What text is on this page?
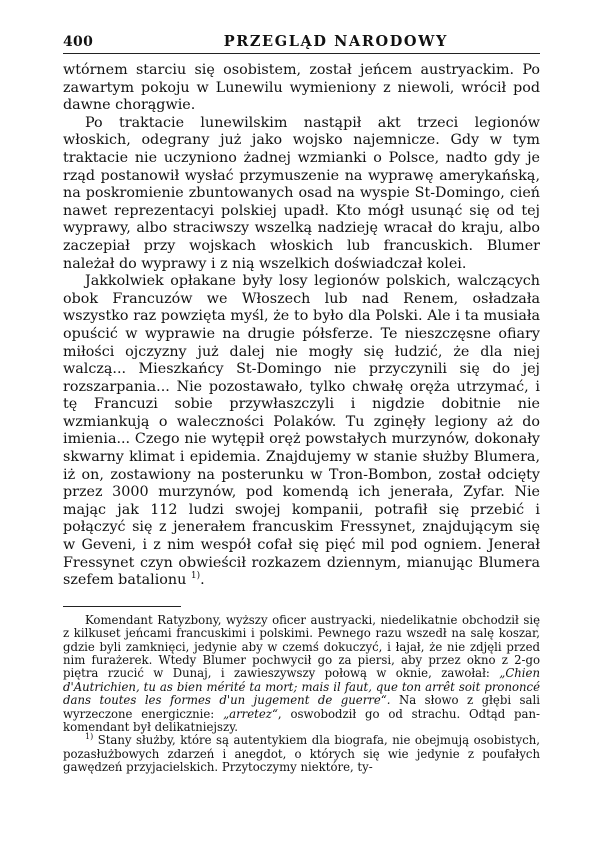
400	PRZEGLĄD NARODOWY

wtórnem starciu się osobistem, został jeńcem austryackim. Po zawartym pokoju w Lunewilu wymieniony z niewoli, wrócił pod dawne chorągwie.

Po traktacie lunewilskim nastąpił akt trzeci legionów włoskich, odegrany już jako wojsko najemnicze. Gdy w tym traktacie nie uczyniono żadnej wzmianki o Polsce, nadto gdy je rząd postanowił wysłać przymuszenie na wyprawę amerykańską, na poskromienie zbuntowanych osad na wyspie St-Domingo, cień nawet reprezentacyi polskiej upadł. Kto mógł usunąć się od tej wyprawy, albo straciwszy wszelką nadzieję wracał do kraju, albo zaczepiał przy wojskach włoskich lub francuskich. Blumer należał do wyprawy i z nią wszelkich doświadczał kolei.

Jakkolwiek opłakane były losy legionów polskich, walczących obok Francuzów we Włoszech lub nad Renem, osładzała wszystko raz powzięta myśl, że to było dla Polski. Ale i ta musiała opuścić w wyprawie na drugie półsferze. Te nieszczęsne ofiary miłości ojczyzny już dalej nie mogły się łudzić, że dla niej walczą... Mieszkańcy St-Domingo nie przyczynili się do jej rozszarpania... Nie pozostawało, tylko chwałę oręża utrzymać, i tę Francuzi sobie przywłaszczyli i nigdzie dobitnie nie wzmiankują o waleczności Polaków. Tu zginęły legiony aż do imienia... Czego nie wytępił oręż powstałych murzynów, dokonały skwarny klimat i epidemia. Znajdujemy w stanie służby Blumera, iż on, zostawiony na posterunku w Tron-Bombon, został odcięty przez 3000 murzynów, pod komendą ich jenerała, Zyfar. Nie mając jak 112 ludzi swojej kompanii, potrafił się przebić i połączyć się z jenerałem francuskim Fressynet, znajdującym się w Geveni, i z nim wespół cofał się pięć mil pod ogniem. Jenerał Fressynet czyn obwieścił rozkazem dziennym, mianując Blumera szefem batalionu $^{1)}$.

Komendant Ratyzbony, wyższy oficer austryacki, niedelikatnie obchodził się z kilkuset jeńcami francuskimi i polskimi. Pewnego razu wszedł na salę koszar, gdzie byli zamknięci, jedynie aby w czemś dokuczyć, i łajał, że nie zdjęli przed nim furażerek. Wtedy Blumer pochwycił go za piersi, aby przez okno z 2-go piętra rzucić w Dunaj, i zawieszywszy połową w oknie, zawołał: „Chien d'Autrichien, tu as bien mérité ta mort; mais il faut, que ton arrêt soit prononcé dans toutes les formes d'un jugement de guerre“. Na słowo z głębi sali wyrzeczone energicznie: „arretez“, oswobodził go od strachu. Odtąd pan-komendant był delikatniejszy.

$^{1)}$ Stany służby, które są autentykiem dla biografa, nie obejmują osobistych, pozasłużbowych zdarzeń i anegdot, o których się wie jedynie z poufałych gawędzeń przyjacielskich. Przytoczymy niektóre, ty-
